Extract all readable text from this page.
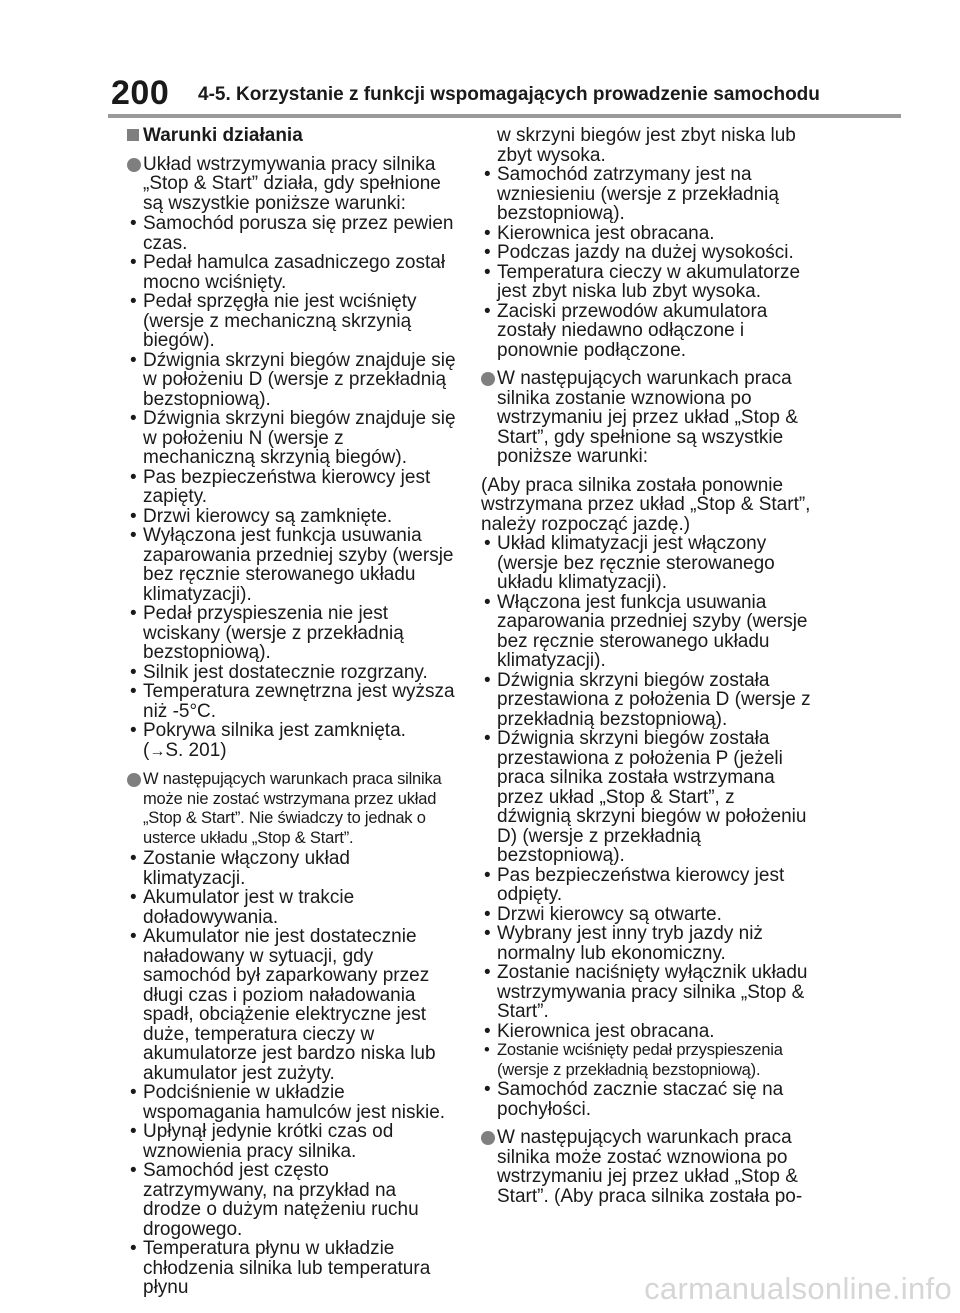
200 4-5. Korzystanie z funkcji wspomagających prowadzenie samochodu
Warunki działania
Układ wstrzymywania pracy silnika „Stop & Start” działa, gdy spełnione są wszystkie poniższe warunki:
• Samochód porusza się przez pewien czas.
• Pedał hamulca zasadniczego został mocno wciśnięty.
• Pedał sprzęgła nie jest wciśnięty (wersje z mechaniczną skrzynią biegów).
• Dźwignia skrzyni biegów znajduje się w położeniu D (wersje z przekładnią bezstopniową).
• Dźwignia skrzyni biegów znajduje się w położeniu N (wersje z mechaniczną skrzynią biegów).
• Pas bezpieczeństwa kierowcy jest zapięty.
• Drzwi kierowcy są zamknięte.
• Wyłączona jest funkcja usuwania zaparowania przedniej szyby (wersje bez ręcznie sterowanego układu klimatyzacji).
• Pedał przyspieszenia nie jest wciskany (wersje z przekładnią bezstopniową).
• Silnik jest dostatecznie rozgrzany.
• Temperatura zewnętrzna jest wyższa niż -5°C.
• Pokrywa silnika jest zamknięta.
(→S. 201)
W następujących warunkach praca silnika może nie zostać wstrzymana przez układ „Stop & Start”. Nie świadczy to jednak o usterce układu „Stop & Start”.
• Zostanie włączony układ klimatyzacji.
• Akumulator jest w trakcie doładowywania.
• Akumulator nie jest dostatecznie naładowany w sytuacji, gdy samochód był zaparkowany przez długi czas i poziom naładowania spadł, obciążenie elektryczne jest duże, temperatura cieczy w akumulatorze jest bardzo niska lub akumulator jest zużyty.
• Podciśnienie w układzie wspomagania hamulców jest niskie.
• Upłynął jedynie krótki czas od wznowienia pracy silnika.
• Samochód jest często zatrzymywany, na przykład na drodze o dużym natężeniu ruchu drogowego.
• Temperatura płynu w układzie chłodzenia silnika lub temperatura płynu
w skrzyni biegów jest zbyt niska lub zbyt wysoka.
• Samochód zatrzymany jest na wzniesieniu (wersje z przekładnią bezstopniową).
• Kierownica jest obracana.
• Podczas jazdy na dużej wysokości.
• Temperatura cieczy w akumulatorze jest zbyt niska lub zbyt wysoka.
• Zaciski przewodów akumulatora zostały niedawno odłączone i ponownie podłączone.
W następujących warunkach praca silnika zostanie wznowiona po wstrzymaniu jej przez układ „Stop & Start”, gdy spełnione są wszystkie poniższe warunki:
(Aby praca silnika została ponownie wstrzymana przez układ „Stop & Start”, należy rozpocząć jazdę.)
• Układ klimatyzacji jest włączony (wersje bez ręcznie sterowanego układu klimatyzacji).
• Włączona jest funkcja usuwania zaparowania przedniej szyby (wersje bez ręcznie sterowanego układu klimatyzacji).
• Dźwignia skrzyni biegów została przestawiona z położenia D (wersje z przekładnią bezstopniową).
• Dźwignia skrzyni biegów została przestawiona z położenia P (jeżeli praca silnika została wstrzymana przez układ „Stop & Start”, z dźwignią skrzyni biegów w położeniu D) (wersje z przekładnią bezstopniową).
• Pas bezpieczeństwa kierowcy jest odpięty.
• Drzwi kierowcy są otwarte.
• Wybrany jest inny tryb jazdy niż normalny lub ekonomiczny.
• Zostanie naciśnięty wyłącznik układu wstrzymywania pracy silnika „Stop & Start”.
• Kierownica jest obracana.
• Zostanie wciśnięty pedał przyspieszenia (wersje z przekładnią bezstopniową).
• Samochód zacznie staczać się na pochyłości.
W następujących warunkach praca silnika może zostać wznowiona po wstrzymaniu jej przez układ „Stop & Start”. (Aby praca silnika została po-
carmanualsonline.info
